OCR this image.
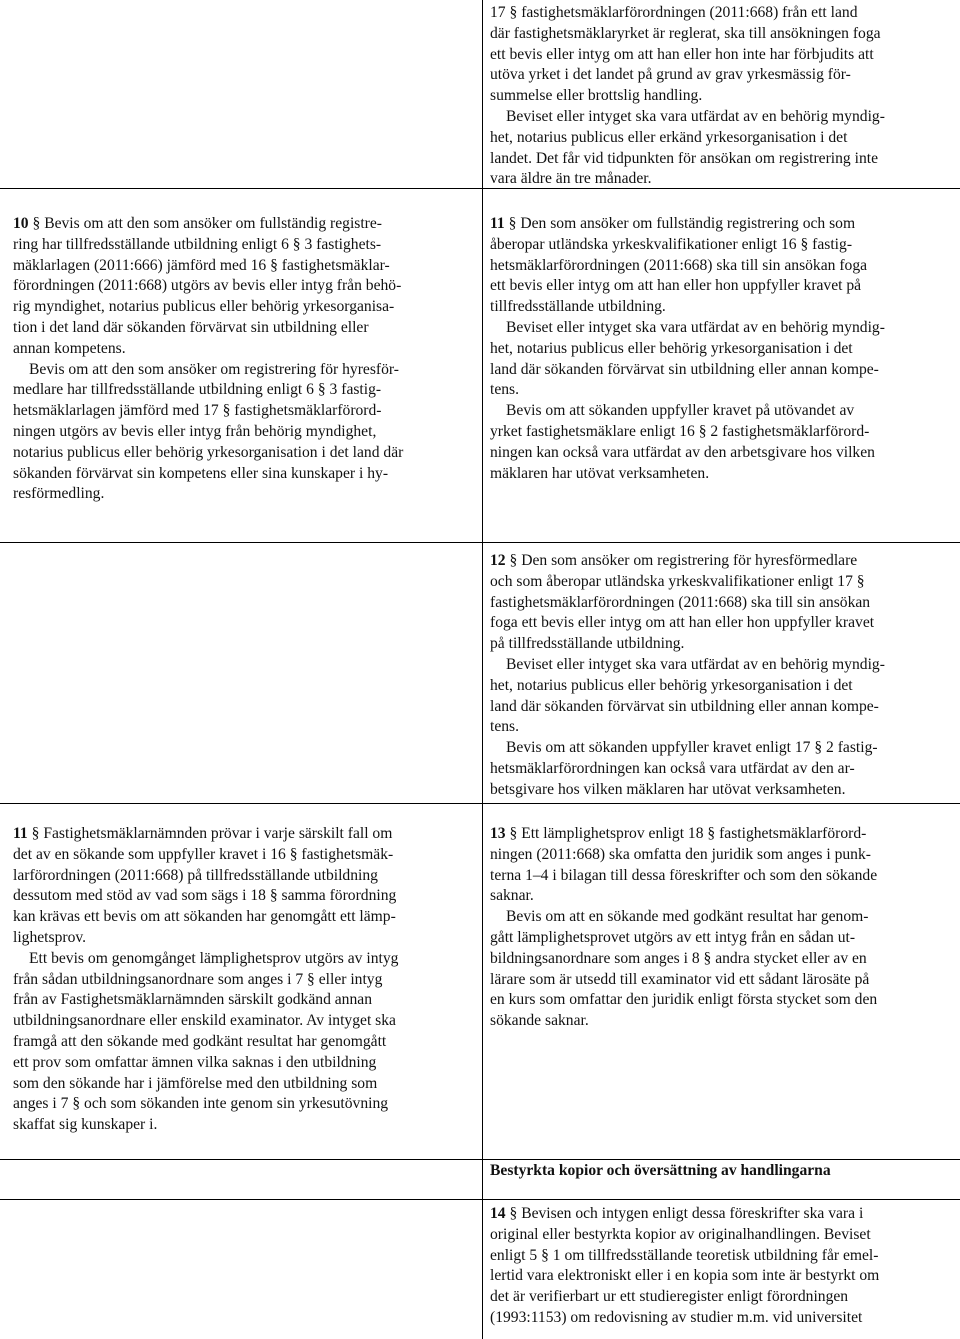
17 § fastighetsmäklarförordningen (2011:668) från ett land
där fastighetsmäklaryrket är reglerat, ska till ansökningen foga
ett bevis eller intyg om att han eller hon inte har förbjudits att
utöva yrket i det landet på grund av grav yrkesmässig för-
summelse eller brottslig handling.
Beviset eller intyget ska vara utfärdat av en behörig myndig-
het, notarius publicus eller erkänd yrkesorganisation i det
landet. Det får vid tidpunkten för ansökan om registrering inte
vara äldre än tre månader.
10 § Bevis om att den som ansöker om fullständig registre-
ring har tillfredsställande utbildning enligt 6 § 3 fastighets-
mäklarlagen (2011:666) jämförd med 16 § fastighetsmäklar-
förordningen (2011:668) utgörs av bevis eller intyg från behö-
rig myndighet, notarius publicus eller behörig yrkesorganisa-
tion i det land där sökanden förvärvat sin utbildning eller
annan kompetens.
Bevis om att den som ansöker om registrering för hyresför-
medlare har tillfredsställande utbildning enligt 6 § 3 fastig-
hetsmäklarlagen jämförd med 17 § fastighetsmäklarförord-
ningen utgörs av bevis eller intyg från behörig myndighet,
notarius publicus eller behörig yrkesorganisation i det land där
sökanden förvärvat sin kompetens eller sina kunskaper i hy-
resförmedling.
11 § Den som ansöker om fullständig registrering och som
åberopar utländska yrkeskvalifikationer enligt 16 § fastig-
hetsmäklarförordningen (2011:668) ska till sin ansökan foga
ett bevis eller intyg om att han eller hon uppfyller kravet på
tillfredsställande utbildning.
Beviset eller intyget ska vara utfärdat av en behörig myndig-
het, notarius publicus eller behörig yrkesorganisation i det
land där sökanden förvärvat sin utbildning eller annan kompe-
tens.
Bevis om att sökanden uppfyller kravet på utövandet av
yrket fastighetsmäklare enligt 16 § 2 fastighetsmäklarförord-
ningen kan också vara utfärdat av den arbetsgivare hos vilken
mäklaren har utövat verksamheten.
12 § Den som ansöker om registrering för hyresförmedlare
och som åberopar utländska yrkeskvalifikationer enligt 17 §
fastighetsmäklarförordningen (2011:668) ska till sin ansökan
foga ett bevis eller intyg om att han eller hon uppfyller kravet
på tillfredsställande utbildning.
Beviset eller intyget ska vara utfärdat av en behörig myndig-
het, notarius publicus eller behörig yrkesorganisation i det
land där sökanden förvärvat sin utbildning eller annan kompe-
tens.
Bevis om att sökanden uppfyller kravet enligt 17 § 2 fastig-
hetsmäklarförordningen kan också vara utfärdat av den ar-
betsgivare hos vilken mäklaren har utövat verksamheten.
11 § Fastighetsmäklarnämnden prövar i varje särskilt fall om
det av en sökande som uppfyller kravet i 16 § fastighetsmäk-
larförordningen (2011:668) på tillfredsställande utbildning
dessutom med stöd av vad som sägs i 18 § samma förordning
kan krävas ett bevis om att sökanden har genomgått ett lämp-
lighetsprov.
Ett bevis om genomgånget lämplighetsprov utgörs av intyg
från sådan utbildningsanordnare som anges i 7 § eller intyg
från av Fastighetsmäklarnämnden särskilt godkänd annan
utbildningsanordnare eller enskild examinator. Av intyget ska
framgå att den sökande med godkänt resultat har genomgått
ett prov som omfattar ämnen vilka saknas i den utbildning
som den sökande har i jämförelse med den utbildning som
anges i 7 § och som sökanden inte genom sin yrkesutövning
skaffat sig kunskaper i.
13 § Ett lämplighetsprov enligt 18 § fastighetsmäklarförord-
ningen (2011:668) ska omfatta den juridik som anges i punk-
terna 1–4 i bilagan till dessa föreskrifter och som den sökande
saknar.
Bevis om att en sökande med godkänt resultat har genom-
gått lämplighetsprovet utgörs av ett intyg från en sådan ut-
bildningsanordnare som anges i 8 § andra stycket eller av en
lärare som är utsedd till examinator vid ett sådant lärosäte på
en kurs som omfattar den juridik enligt första stycket som den
sökande saknar.
Bestyrkta kopior och översättning av handlingarna
14 § Bevisen och intygen enligt dessa föreskrifter ska vara i
original eller bestyrkta kopior av originalhandlingen. Beviset
enligt 5 § 1 om tillfredsställande teoretisk utbildning får emel-
lertid vara elektroniskt eller i en kopia som inte är bestyrkt om
det är verifierbart ur ett studieregister enligt förordningen
(1993:1153) om redovisning av studier m.m. vid universitet
